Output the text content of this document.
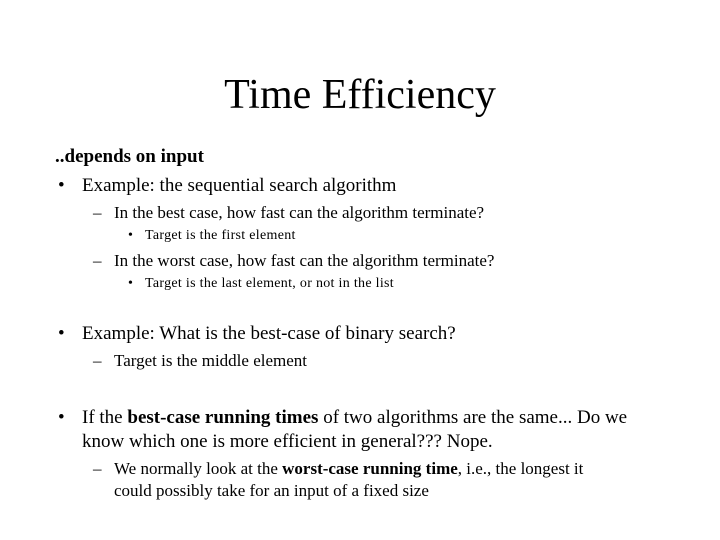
Time Efficiency
..depends on input
• Example: the sequential search algorithm
– In the best case, how fast can the algorithm terminate?
• Target is the first element
– In the worst case, how fast can the algorithm terminate?
• Target is the last element, or not in the list
• Example: What is the best-case of binary search?
– Target is the middle element
• If the best-case running times of two algorithms are the same... Do we
know which one is more efficient in general??? Nope.
– We normally look at the worst-case running time, i.e., the longest it
could possibly take for an input of a fixed size
